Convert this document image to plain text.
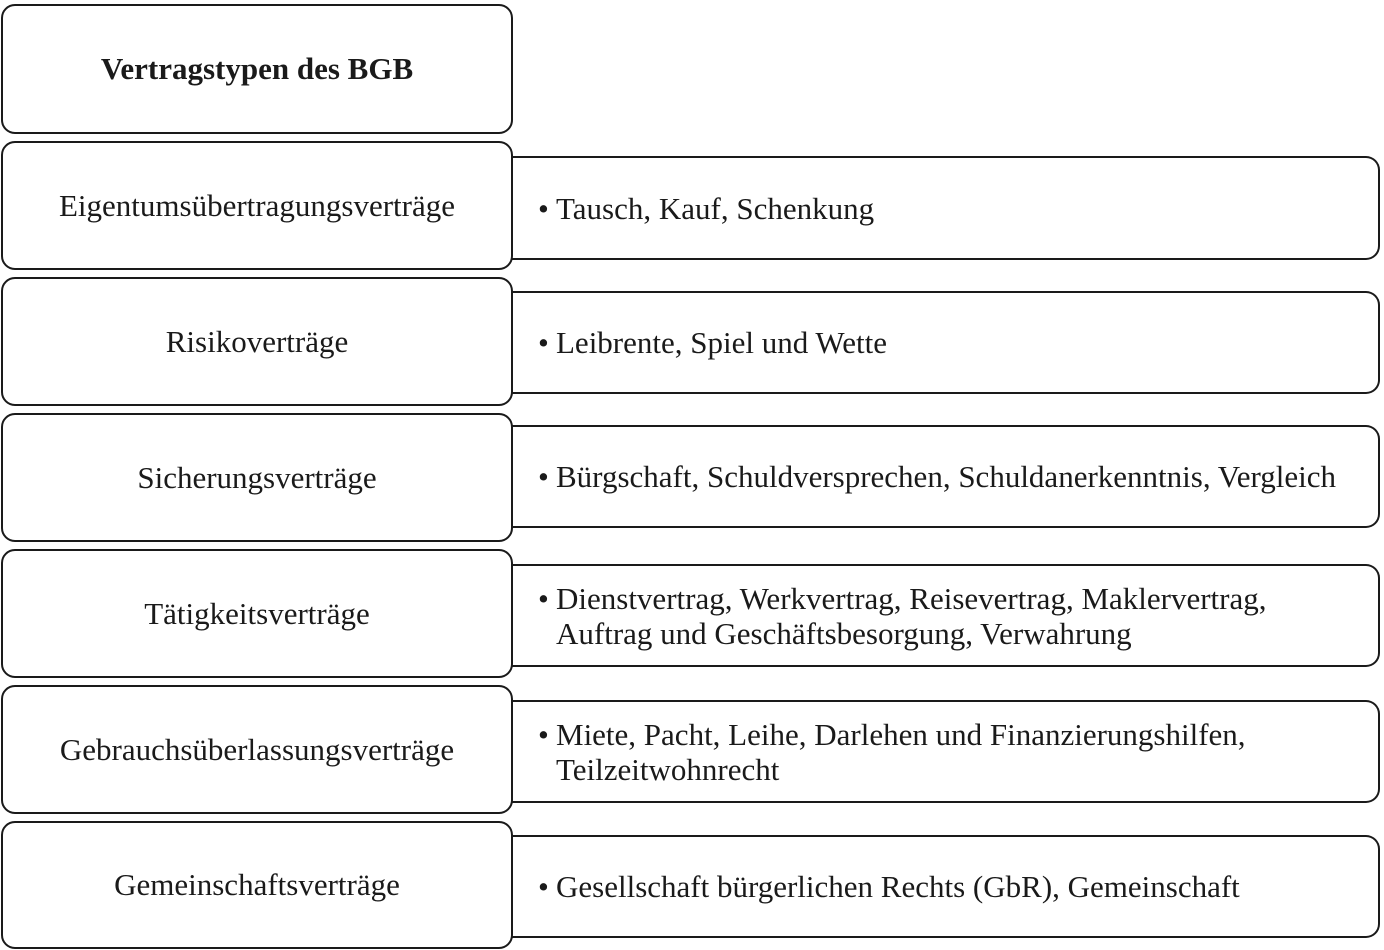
Vertragstypen des BGB
Eigentumsübertragungsverträge	• Tausch, Kauf, Schenkung
Risikoverträge	• Leibrente, Spiel und Wette
Sicherungsverträge	• Bürgschaft, Schuldversprechen, Schuldanerkenntnis, Vergleich
Tätigkeitsverträge	• Dienstvertrag, Werkvertrag, Reisevertrag, Maklervertrag, Auftrag und Geschäftsbesorgung, Verwahrung
Gebrauchsüberlassungsverträge	• Miete, Pacht, Leihe, Darlehen und Finanzierungshilfen, Teilzeitwohnrecht
Gemeinschaftsverträge	• Gesellschaft bürgerlichen Rechts (GbR), Gemeinschaft
